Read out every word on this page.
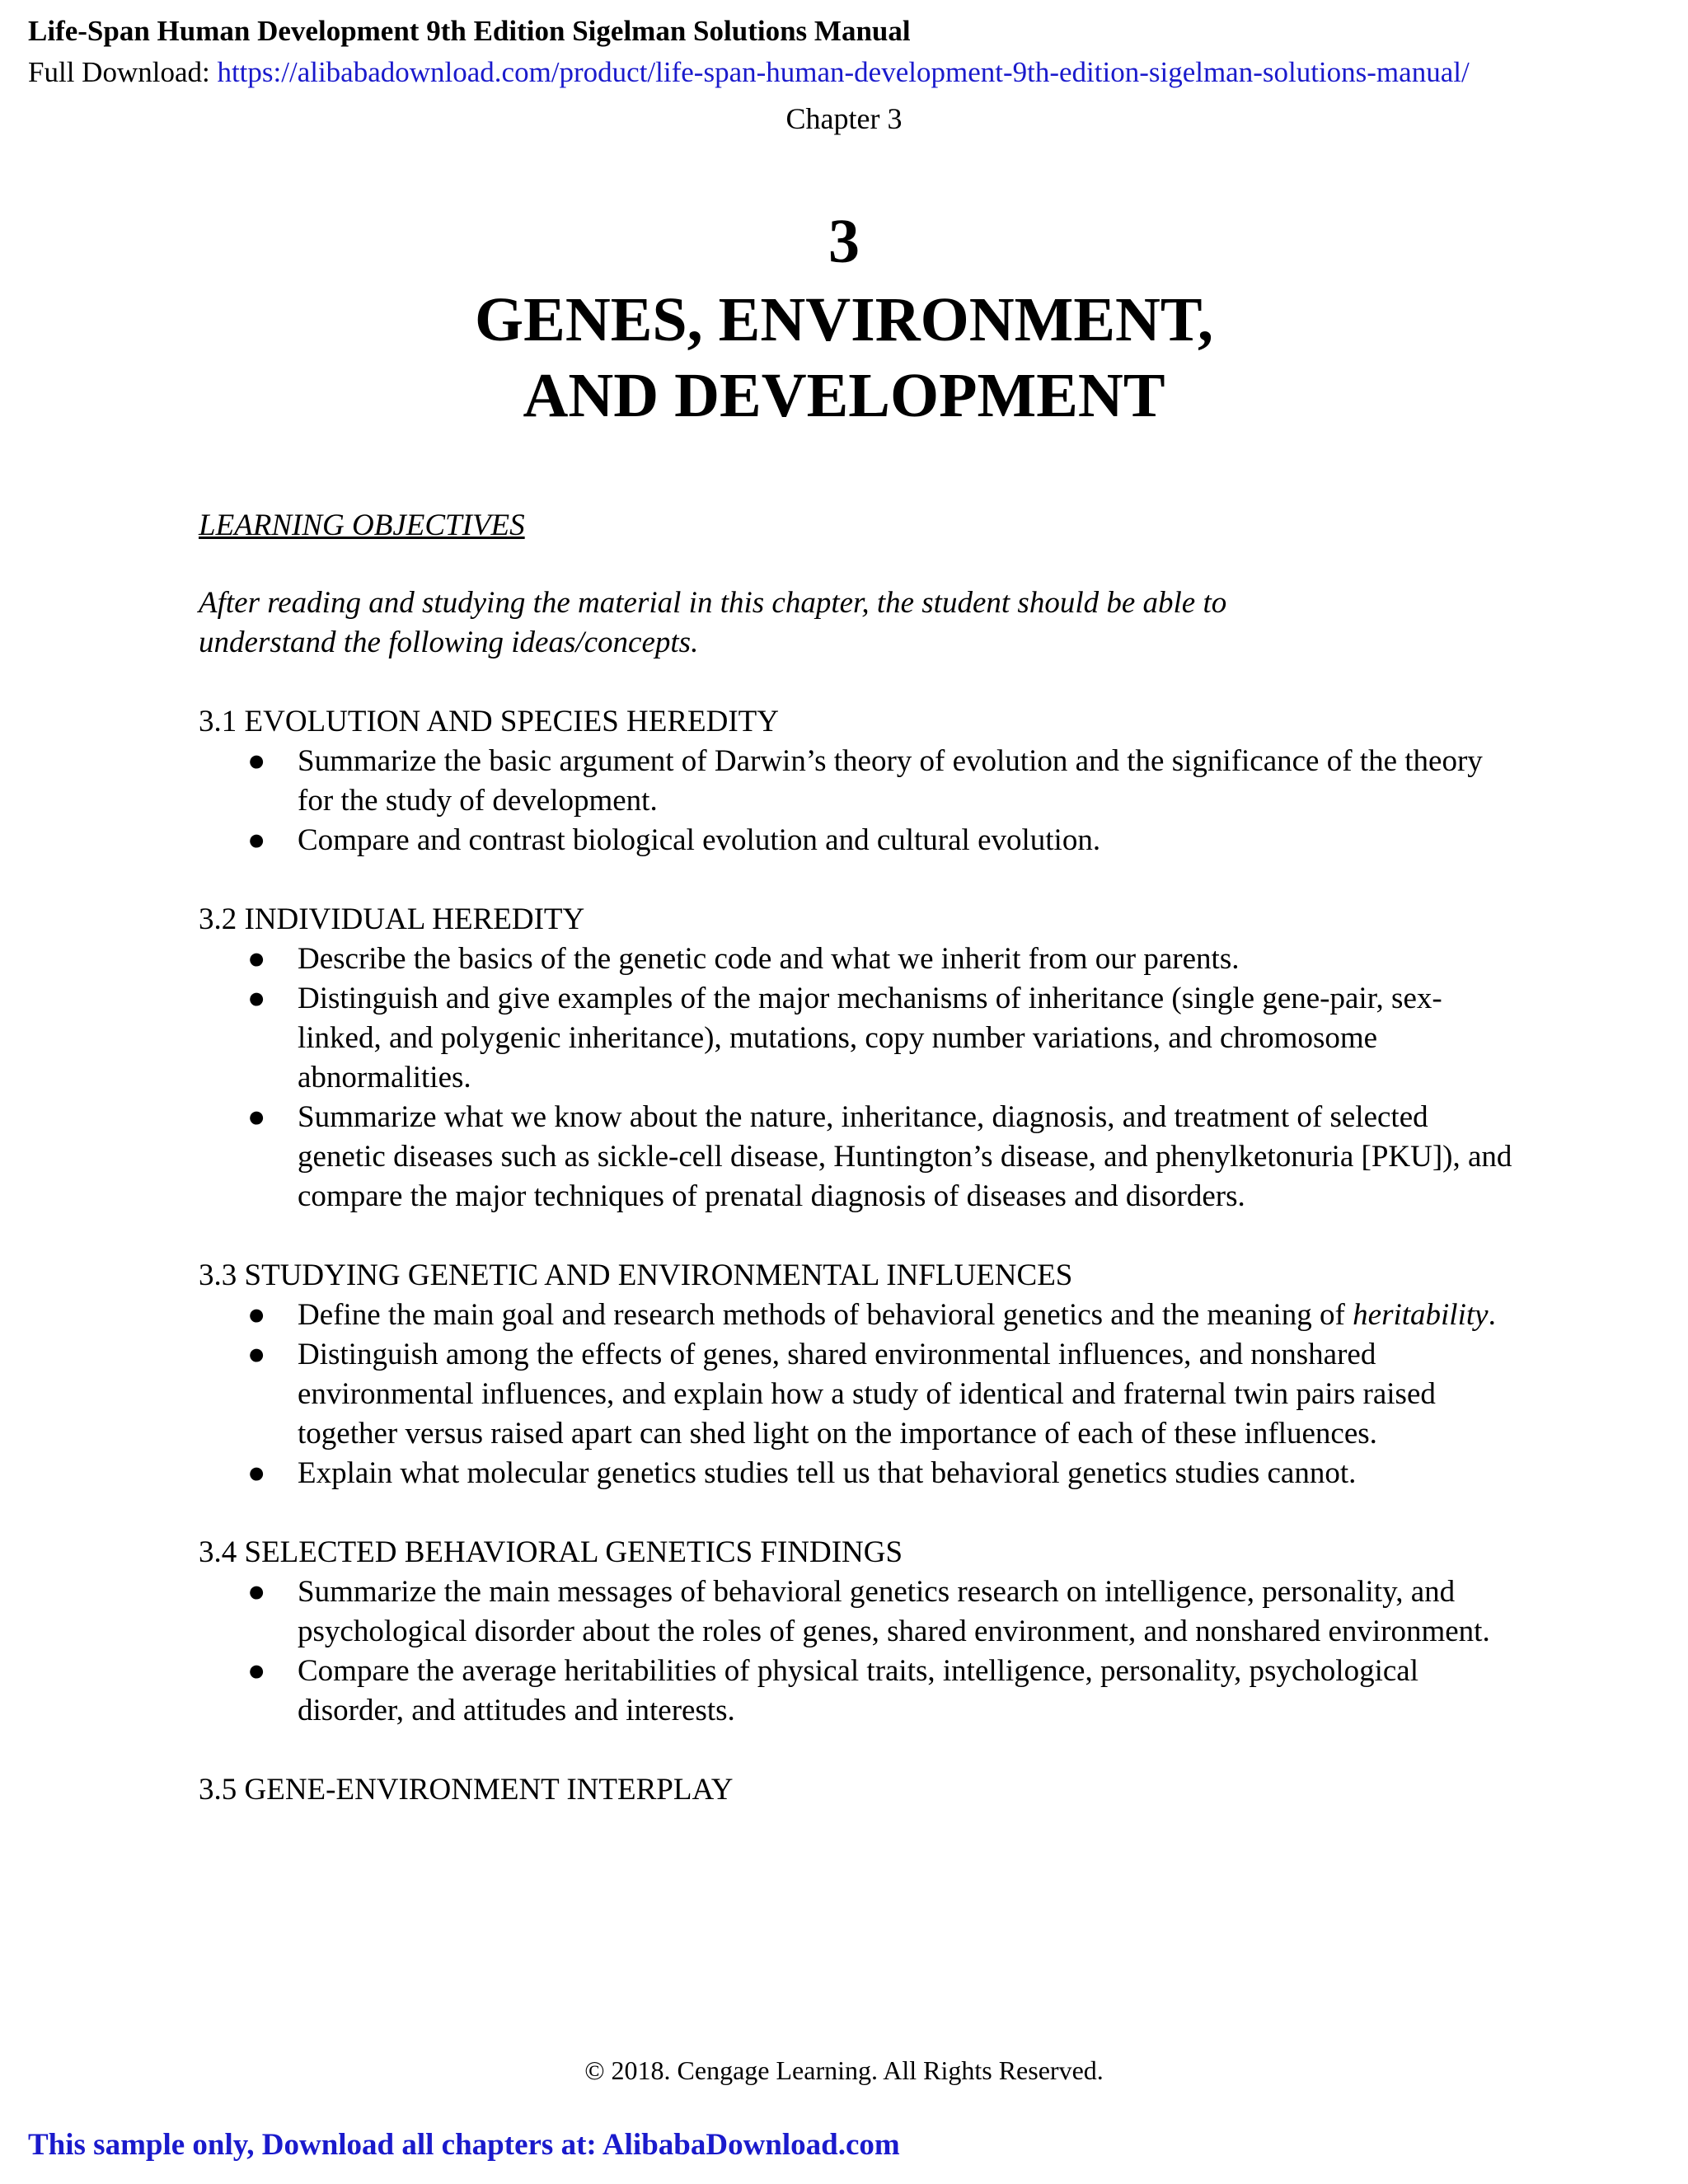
Life-Span Human Development 9th Edition Sigelman Solutions Manual
Full Download: https://alibabadownload.com/product/life-span-human-development-9th-edition-sigelman-solutions-manual/
Chapter 3
3
GENES, ENVIRONMENT,
AND DEVELOPMENT

LEARNING OBJECTIVES

After reading and studying the material in this chapter, the student should be able to understand the following ideas/concepts.

3.1 EVOLUTION AND SPECIES HEREDITY

● Summarize the basic argument of Darwin’s theory of evolution and the significance of the theory for the study of development.
● Compare and contrast biological evolution and cultural evolution.

3.2 INDIVIDUAL HEREDITY

● Describe the basics of the genetic code and what we inherit from our parents.
● Distinguish and give examples of the major mechanisms of inheritance (single gene-pair, sex-linked, and polygenic inheritance), mutations, copy number variations, and chromosome abnormalities.
● Summarize what we know about the nature, inheritance, diagnosis, and treatment of selected genetic diseases such as sickle-cell disease, Huntington’s disease, and phenylketonuria [PKU]), and compare the major techniques of prenatal diagnosis of diseases and disorders.

3.3 STUDYING GENETIC AND ENVIRONMENTAL INFLUENCES

● Define the main goal and research methods of behavioral genetics and the meaning of heritability.
● Distinguish among the effects of genes, shared environmental influences, and nonshared environmental influences, and explain how a study of identical and fraternal twin pairs raised together versus raised apart can shed light on the importance of each of these influences.
● Explain what molecular genetics studies tell us that behavioral genetics studies cannot.

3.4 SELECTED BEHAVIORAL GENETICS FINDINGS

● Summarize the main messages of behavioral genetics research on intelligence, personality, and psychological disorder about the roles of genes, shared environment, and nonshared environment.
● Compare the average heritabilities of physical traits, intelligence, personality, psychological disorder, and attitudes and interests.

3.5 GENE-ENVIRONMENT INTERPLAY

© 2018. Cengage Learning. All Rights Reserved.
This sample only, Download all chapters at: AlibabaDownload.com
